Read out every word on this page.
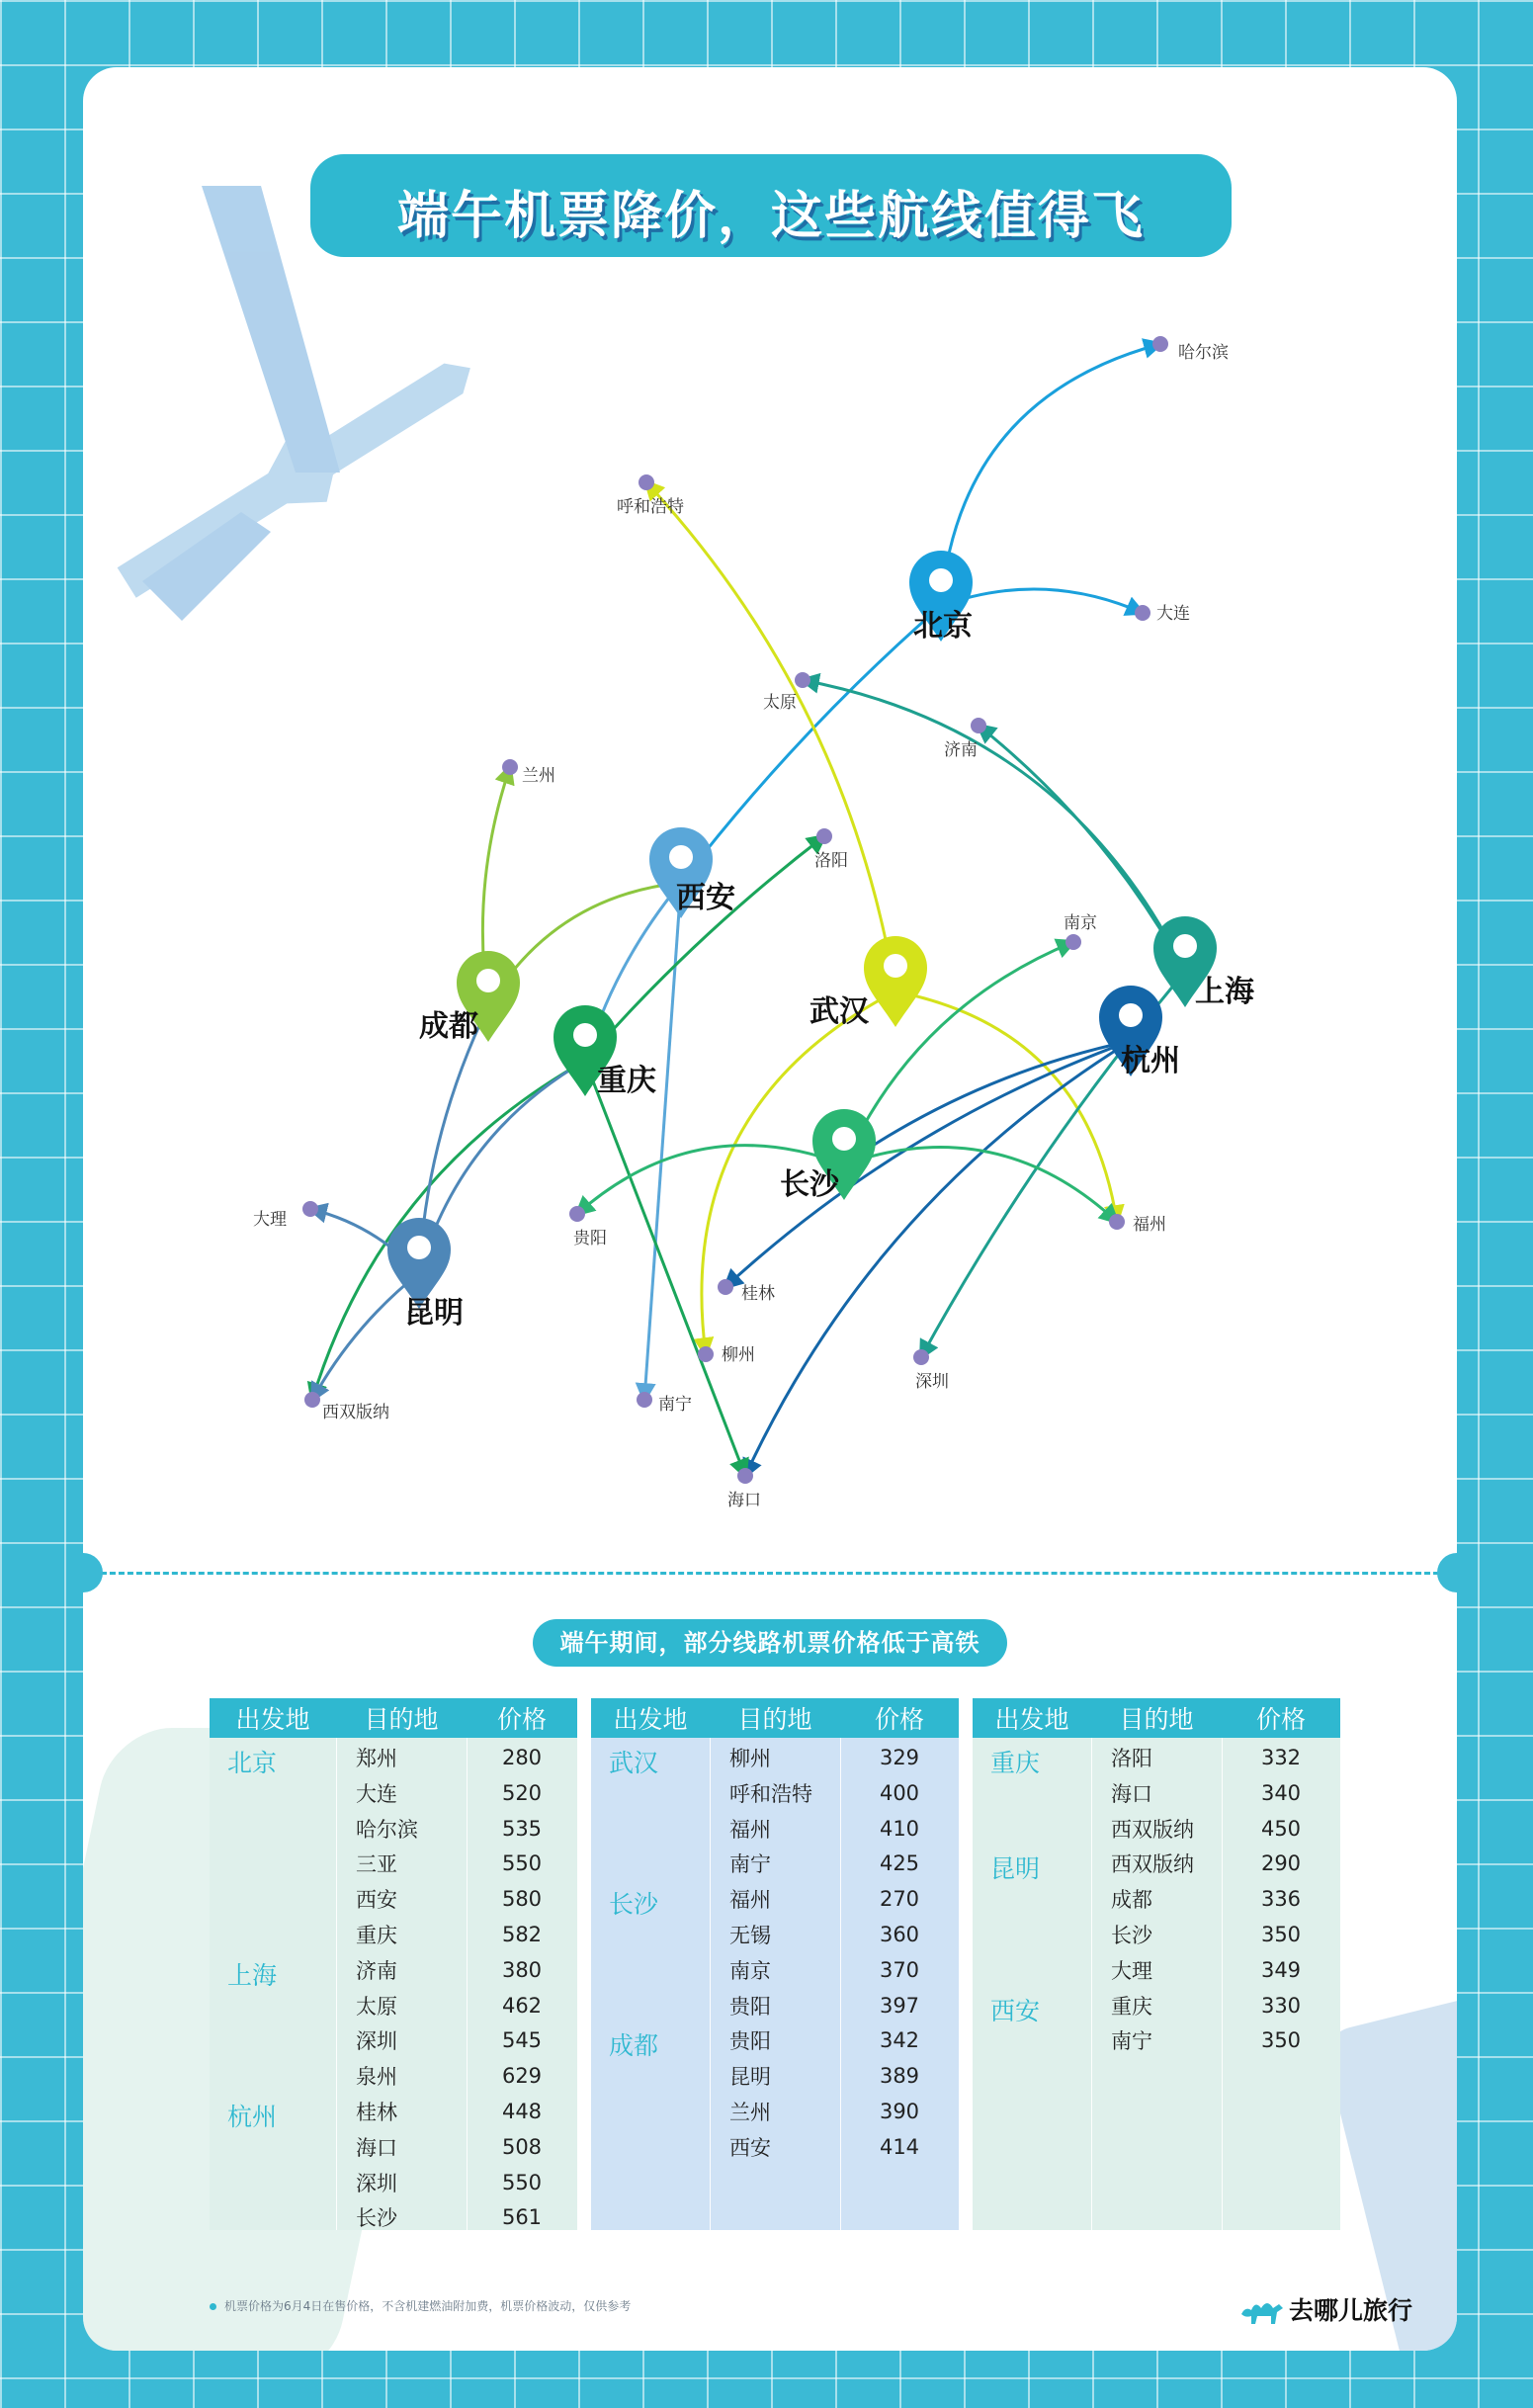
端午机票降价，这些航线值得飞
哈尔滨
大连
呼和浩特
太原
济南
兰州
洛阳
南京
大理
贵阳
福州
桂林
柳州
深圳
西双版纳	南宁
海口
北京
西安
成都
重庆
武汉
长沙
上海
杭州
昆明
端午期间，部分线路机票价格低于高铁
出发地	目的地	价格
北京	郑州	280
大连	520
哈尔滨	535
三亚	550
西安	580
重庆	582
上海	济南	380
太原	462
深圳	545
泉州	629
杭州	桂林	448
海口	508
深圳	550
长沙	561
出发地	目的地	价格
武汉	柳州	329
呼和浩特	400
福州	410
南宁	425
长沙	福州	270
无锡	360
南京	370
贵阳	397
成都	贵阳	342
昆明	389
兰州	390
西安	414
出发地	目的地	价格
重庆	洛阳	332
海口	340
西双版纳	450
昆明	西双版纳	290
成都	336
长沙	350
大理	349
西安	重庆	330
南宁	350
机票价格为6月4日在售价格，不含机建燃油附加费，机票价格波动，仅供参考	去哪儿旅行
